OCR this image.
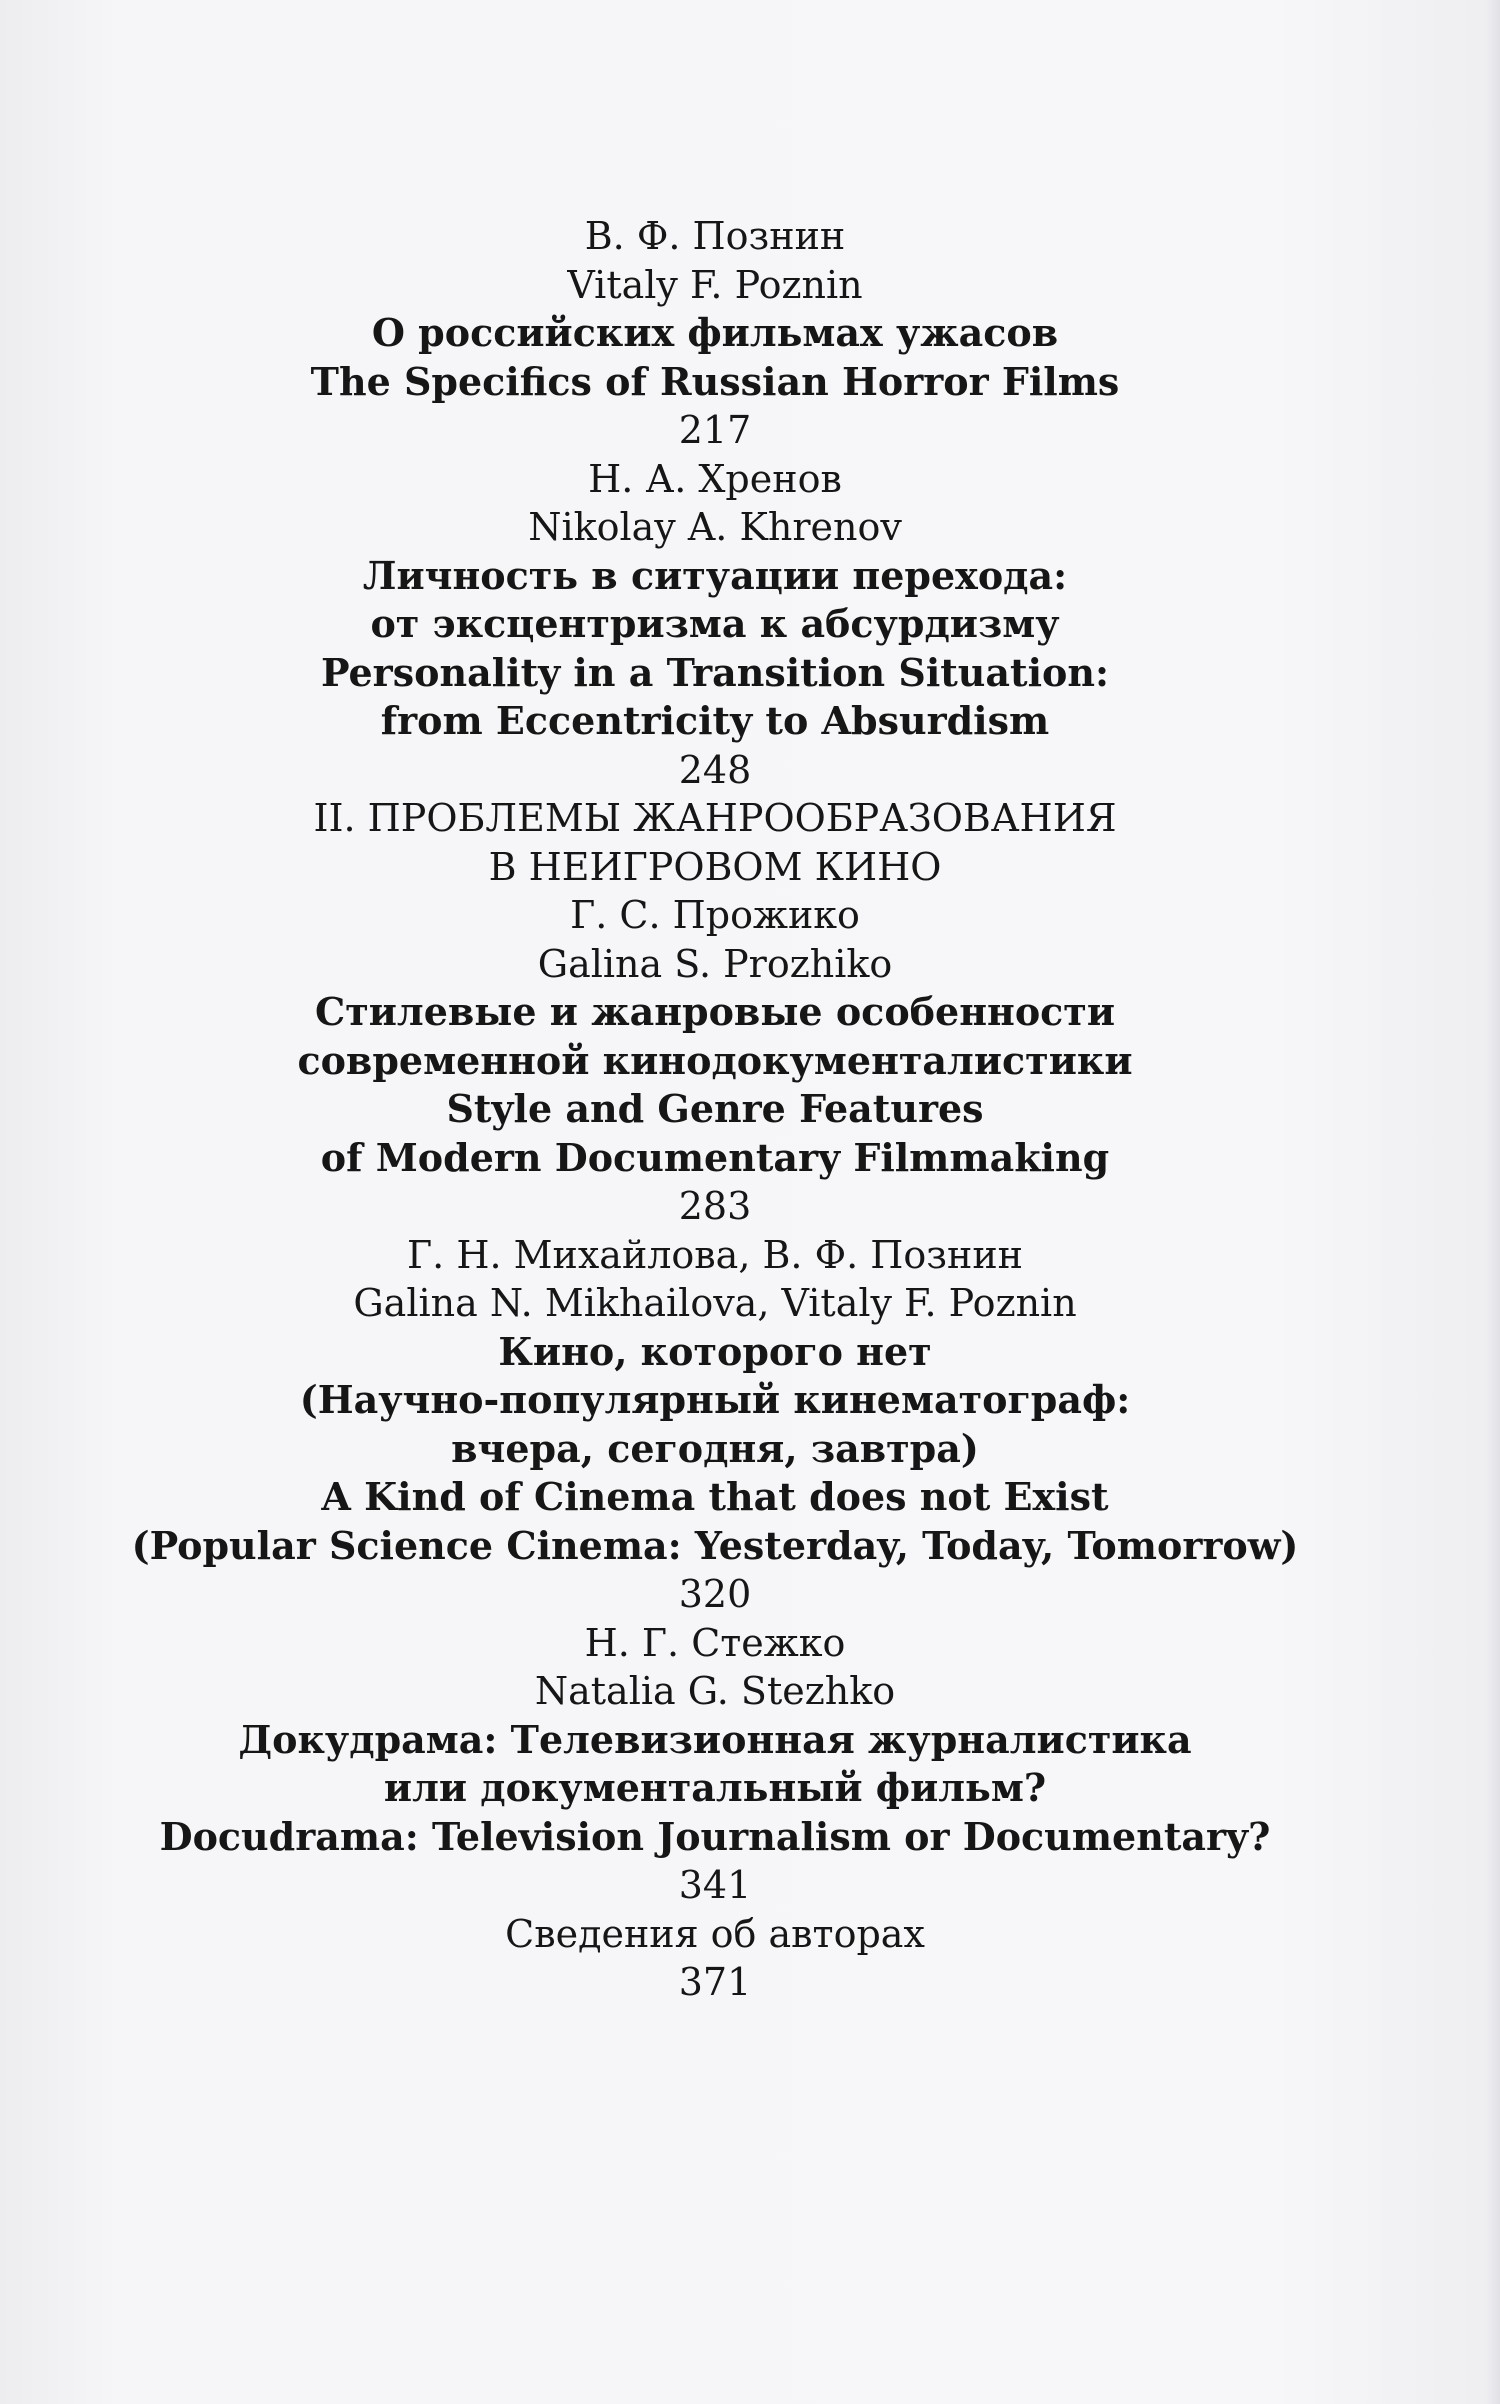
В. Ф. Познин
Vitaly F. Poznin
О российских фильмах ужасов
The Specifics of Russian Horror Films
217
Н. А. Хренов
Nikolay A. Khrenov
Личность в ситуации перехода:
от эксцентризма к абсурдизму
Personality in a Transition Situation:
from Eccentricity to Absurdism
248
II. ПРОБЛЕМЫ ЖАНРООБРАЗОВАНИЯ
В НЕИГРОВОМ КИНО
Г. С. Прожико
Galina S. Prozhiko
Стилевые и жанровые особенности
современной кинодокументалистики
Style and Genre Features
of Modern Documentary Filmmaking
283
Г. Н. Михайлова, В. Ф. Познин
Galina N. Mikhailova, Vitaly F. Poznin
Кино, которого нет
(Научно-популярный кинематограф:
вчера, сегодня, завтра)
A Kind of Cinema that does not Exist
(Popular Science Cinema: Yesterday, Today, Tomorrow)
320
Н. Г. Стежко
Natalia G. Stezhko
Докудрама: Телевизионная журналистика
или документальный фильм?
Docudrama: Television Journalism or Documentary?
341
Сведения об авторах
371
